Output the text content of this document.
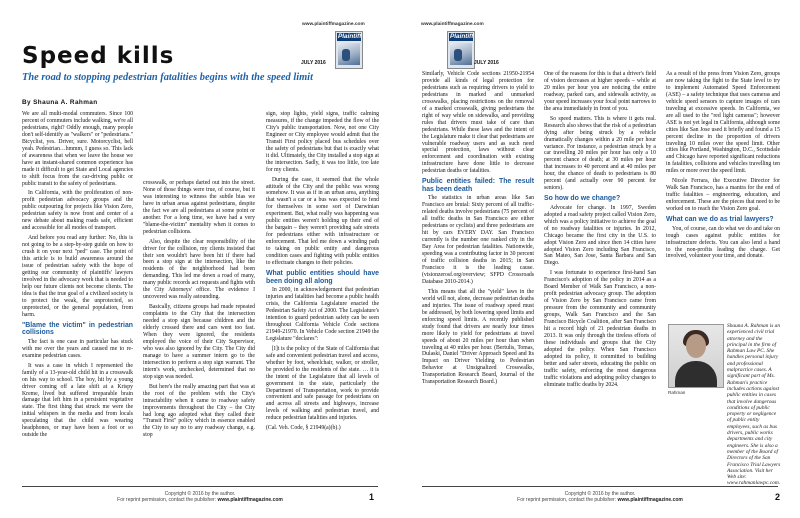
www.plaintiffmagazine.com
Plaintiff
JULY 2016
Speed kills
The road to stopping pedestrian fatalities begins with the speed limit
By Shauna A. Rahman

We are all multi-modal commuters. Since 100 percent of commuters include walking, we're all pedestrians, right? Oddly enough, many people don't self-identify as "walkers" or "pedestrians." Bicyclist, yes. Driver, sure. Motorcyclist, hell yeah. Pedestrian…hmmm, I guess so. This lack of awareness that when we leave the house we have an instant-shared common experience has made it difficult to get State and Local agencies to shift focus from the car-driving public or public transit to the safety of pedestrians.

In California, with the proliferation of non-profit pedestrian advocacy groups and the public outpouring for projects like Vision Zero, pedestrian safety is now front and center of a new debate about making roads safe, efficient and accessible for all modes of transport.

And before you read any further: No, this is not going to be a step-by-step guide on how to crush it on your next "ped" case. The point of this article is to build awareness around the issue of pedestrian safety with the hope of getting our community of plaintiffs' lawyers involved in the advocacy work that is needed to help our future clients not become clients. The idea is that the true goal of a civilized society is to protect the weak, the unprotected, so unprotected, or the general population, from harm.

"Blame the victim" in pedestrian collisions

The fact is one case in particular has stuck with me over the years and caused me to re-examine pedestrian cases.

It was a case in which I represented the family of a 13-year-old child hit in a crosswalk on his way to school. The boy, hit by a young driver coming off a late shift at a Krispy Kreme, lived but suffered irreparable brain damage that left him in a persistent vegetative state. The first thing that struck me were the initial whispers in the media and from locals speculating that the child was wearing headphones, or may have been a foot or so outside the

crosswalk, or perhaps darted out into the street. None of those things were true, of course, but it was interesting to witness the subtle bias we have in urban areas against pedestrians, despite the fact we are all pedestrians at some point or another. For a long time, we have had a very "blame-the-victim" mentality when it comes to pedestrian collisions.

Also, despite the clear responsibility of the driver for the collision, my clients insisted that their son wouldn't have been hit if there had been a stop sign at the intersection, like the residents of the neighborhood had been demanding. This led me down a road of many, many public records act requests and fights with the City Attorneys' office. The evidence I uncovered was really astounding.

Basically, citizens groups had made repeated complaints to the City that the intersection needed a stop sign because children and the elderly crossed there and cars went too fast. When they were ignored, the residents employed the voice of their City Supervisor, who was also ignored by the City. The City did manage to have a summer intern go to the intersection to perform a stop sign warrant. The intern's work, unchecked, determined that no stop sign was needed.

But here's the really amazing part that was at the root of the problem with the City's intractability when it came to roadway safety improvements throughout the City – the City had long ago adopted what they called their "Transit First" policy which in essence enabled the City to say no to any roadway change, e.g. stop

sign, stop lights, yield signs, traffic calming measures, if the change impeded the flow of the City's public transportation. Now, not one City Engineer or City employee would admit that the Transit First policy placed bus schedules over the safety of pedestrians but that is exactly what it did. Ultimately, the City installed a stop sign at the intersection. Sadly, it was too little, too late for my clients.

During the case, it seemed that the whole attitude of the City and the public was wrong somehow. It was as if in an urban area, anything that wasn't a car or a bus was expected to fend for themselves in some sort of Darwinian experiment. But, what really was happening was public entities weren't holding up their end of the bargain – they weren't providing safe streets for pedestrians either with infrastructure or enforcement. That led me down a winding path to taking on public entity and dangerous condition cases and fighting with public entities to effectuate changes to their policies.

What public entities should have been doing all along

In 2000, in acknowledgement that pedestrian injuries and fatalities had become a public health crisis, the California Legislature enacted the Pedestrian Safety Act of 2000. The Legislature's intention to guard pedestrian safety can be seen throughout California Vehicle Code sections 21949-21970. In Vehicle Code section 21949 the Legislature "declares":

[I]t is the policy of the State of California that safe and convenient pedestrian travel and access, whether by foot, wheelchair, walker, or stroller, be provided to the residents of the state. … it is the intent of the Legislature that all levels of government in the state, particularly the Department of Transportation, work to provide convenient and safe passage for pedestrians on and across all streets and highways, increase levels of walking and pedestrian travel, and reduce pedestrian fatalities and injuries.

(Cal. Veh. Code, § 21949(a)(b).)

Copyright © 2016 by the author.
For reprint permission, contact the publisher: www.plaintiffmagazine.com	1
www.plaintiffmagazine.com
Plaintiff
JULY 2016

Similarly, Vehicle Code sections 21950-21954 provide all kinds of legal protection for pedestrians such as requiring drivers to yield to pedestrians in marked and unmarked crosswalks, placing restrictions on the removal of a marked crosswalk, giving pedestrians the right of way while on sidewalks, and providing rules that drivers must take of care than pedestrians. While these laws and the intent of the Legislature make it clear that pedestrians are vulnerable roadway users and as such need special protection, laws without clear enforcement and coordination with existing infrastructure have done little to decrease pedestrian deaths or fatalities.

Public entities failed: The result has been death

The statistics in urban areas like San Francisco are brutal: Sixty percent of all traffic-related deaths involve pedestrians (75 percent of all traffic deaths in San Francisco are either pedestrians or cyclists) and three pedestrians are hit by cars EVERY DAY. San Francisco currently is the number one ranked city in the Bay Area for pedestrian fatalities. Nationwide, speeding was a contributing factor in 30 percent of traffic collision deaths in 2015; in San Francisco it is the leading cause. (visionzerosf.org/overview; SFPD Crossroads Database 2010-2014.)

This means that all the "yield" laws in the world will not, alone, decrease pedestrian deaths and injuries. The issue of roadway speed must be addressed, by both lowering speed limits and enforcing speed limits. A recently published study found that drivers are nearly four times more likely to yield for pedestrians at travel speeds of about 20 miles per hour than when traveling at 40 miles per hour. (Bertulis, Tomas, Dulaski, Daniel "Driver Approach Speed and Its Impact on Driver Yielding to Pedestrian Behavior at Unsignalized Crosswalks, Transportation Research Board, Journal of the Transportation Research Board.)

One of the reasons for this is that a driver's field of vision decreases at higher speeds – while at 20 miles per hour you are noticing the entire roadway, parked cars, and sidewalk activity, as your speed increases your focal point narrows to the area immediately in front of you.

So speed matters. This is where it gets real. Research also shows that the risk of a pedestrian dying after being struck by a vehicle dramatically changes within a 20 mile per hour variance. For instance, a pedestrian struck by a car travelling 20 miles per hour has only a 10 percent chance of death; at 30 miles per hour that increases to 40 percent and at 40 miles per hour, the chance of death to pedestrians is 80 percent (and actually over 90 percent for seniors).

So how do we change?

Advocate for change. In 1997, Sweden adopted a road safety project called Vision Zero, which was a policy initiative to achieve the goal of no roadway fatalities or injuries. In 2012, Chicago became the first city in the U.S. to adopt Vision Zero and since then 14 cities have adopted Vision Zero including San Francisco, San Mateo, San Jose, Santa Barbara and San Diego.

I was fortunate to experience first-hand San Francisco's adoption of the policy in 2014 as a Board Member of Walk San Francisco, a non-profit pedestrian advocacy group. The adoption of Vision Zero by San Francisco came from pressure from the community and community groups, Walk San Francisco and the San Francisco Bicycle Coalition, after San Francisco hit a record high of 21 pedestrian deaths in 2013. It was only through the tireless efforts of these individuals and groups that the City adopted the policy. When San Francisco adopted its policy, it committed to building better and safer streets, educating the public on traffic safety, enforcing the most dangerous traffic violations and adopting policy changes to eliminate traffic deaths by 2024.

As a result of the press from Vision Zero, groups are now taking the fight to the State level to try to implement Automated Speed Enforcement (ASE) – a safety technique that uses cameras and vehicle speed sensors to capture images of cars traveling at excessive speeds. In California, we are all used to the "red light cameras"; however ASE is not yet legal in California, although some cities like San Jose used it briefly and found a 15 percent decline in the proportion of drivers traveling 10 miles over the speed limit. Other cities like Portland, Washington, D.C., Scottsdale and Chicago have reported significant reductions in fatalities, collisions and vehicles travelling ten miles or more over the speed limit.

Nicole Ferrara, the Executive Director for Walk San Francisco, has a mantra for the end of traffic fatalities – engineering, education, and enforcement. These are the pieces that need to be worked on to reach the Vision Zero goal.

What can we do as trial lawyers?

You, of course, can do what we do and take on tough cases against public entities for infrastructure defects. You can also lend a hand to the non-profits leading the charge. Get involved, volunteer your time, and donate.

Rahman

Shauna A. Rahman is an experienced civil trial attorney and the principal in the firm of Rahman Law PC. She handles personal injury and professional malpractice cases. A significant part of Ms. Rahman's practice includes actions against public entities in cases that involve dangerous conditions of public property or negligence of public entity employees, such as bus drivers, public works departments and city engineers. She is also a member of the Board of Directors of the San Francisco Trial Lawyers Association. Visit her Web site: www.rahmanlawpc.com.

Copyright © 2016 by the author.
For reprint permission, contact the publisher: www.plaintiffmagazine.com	2
